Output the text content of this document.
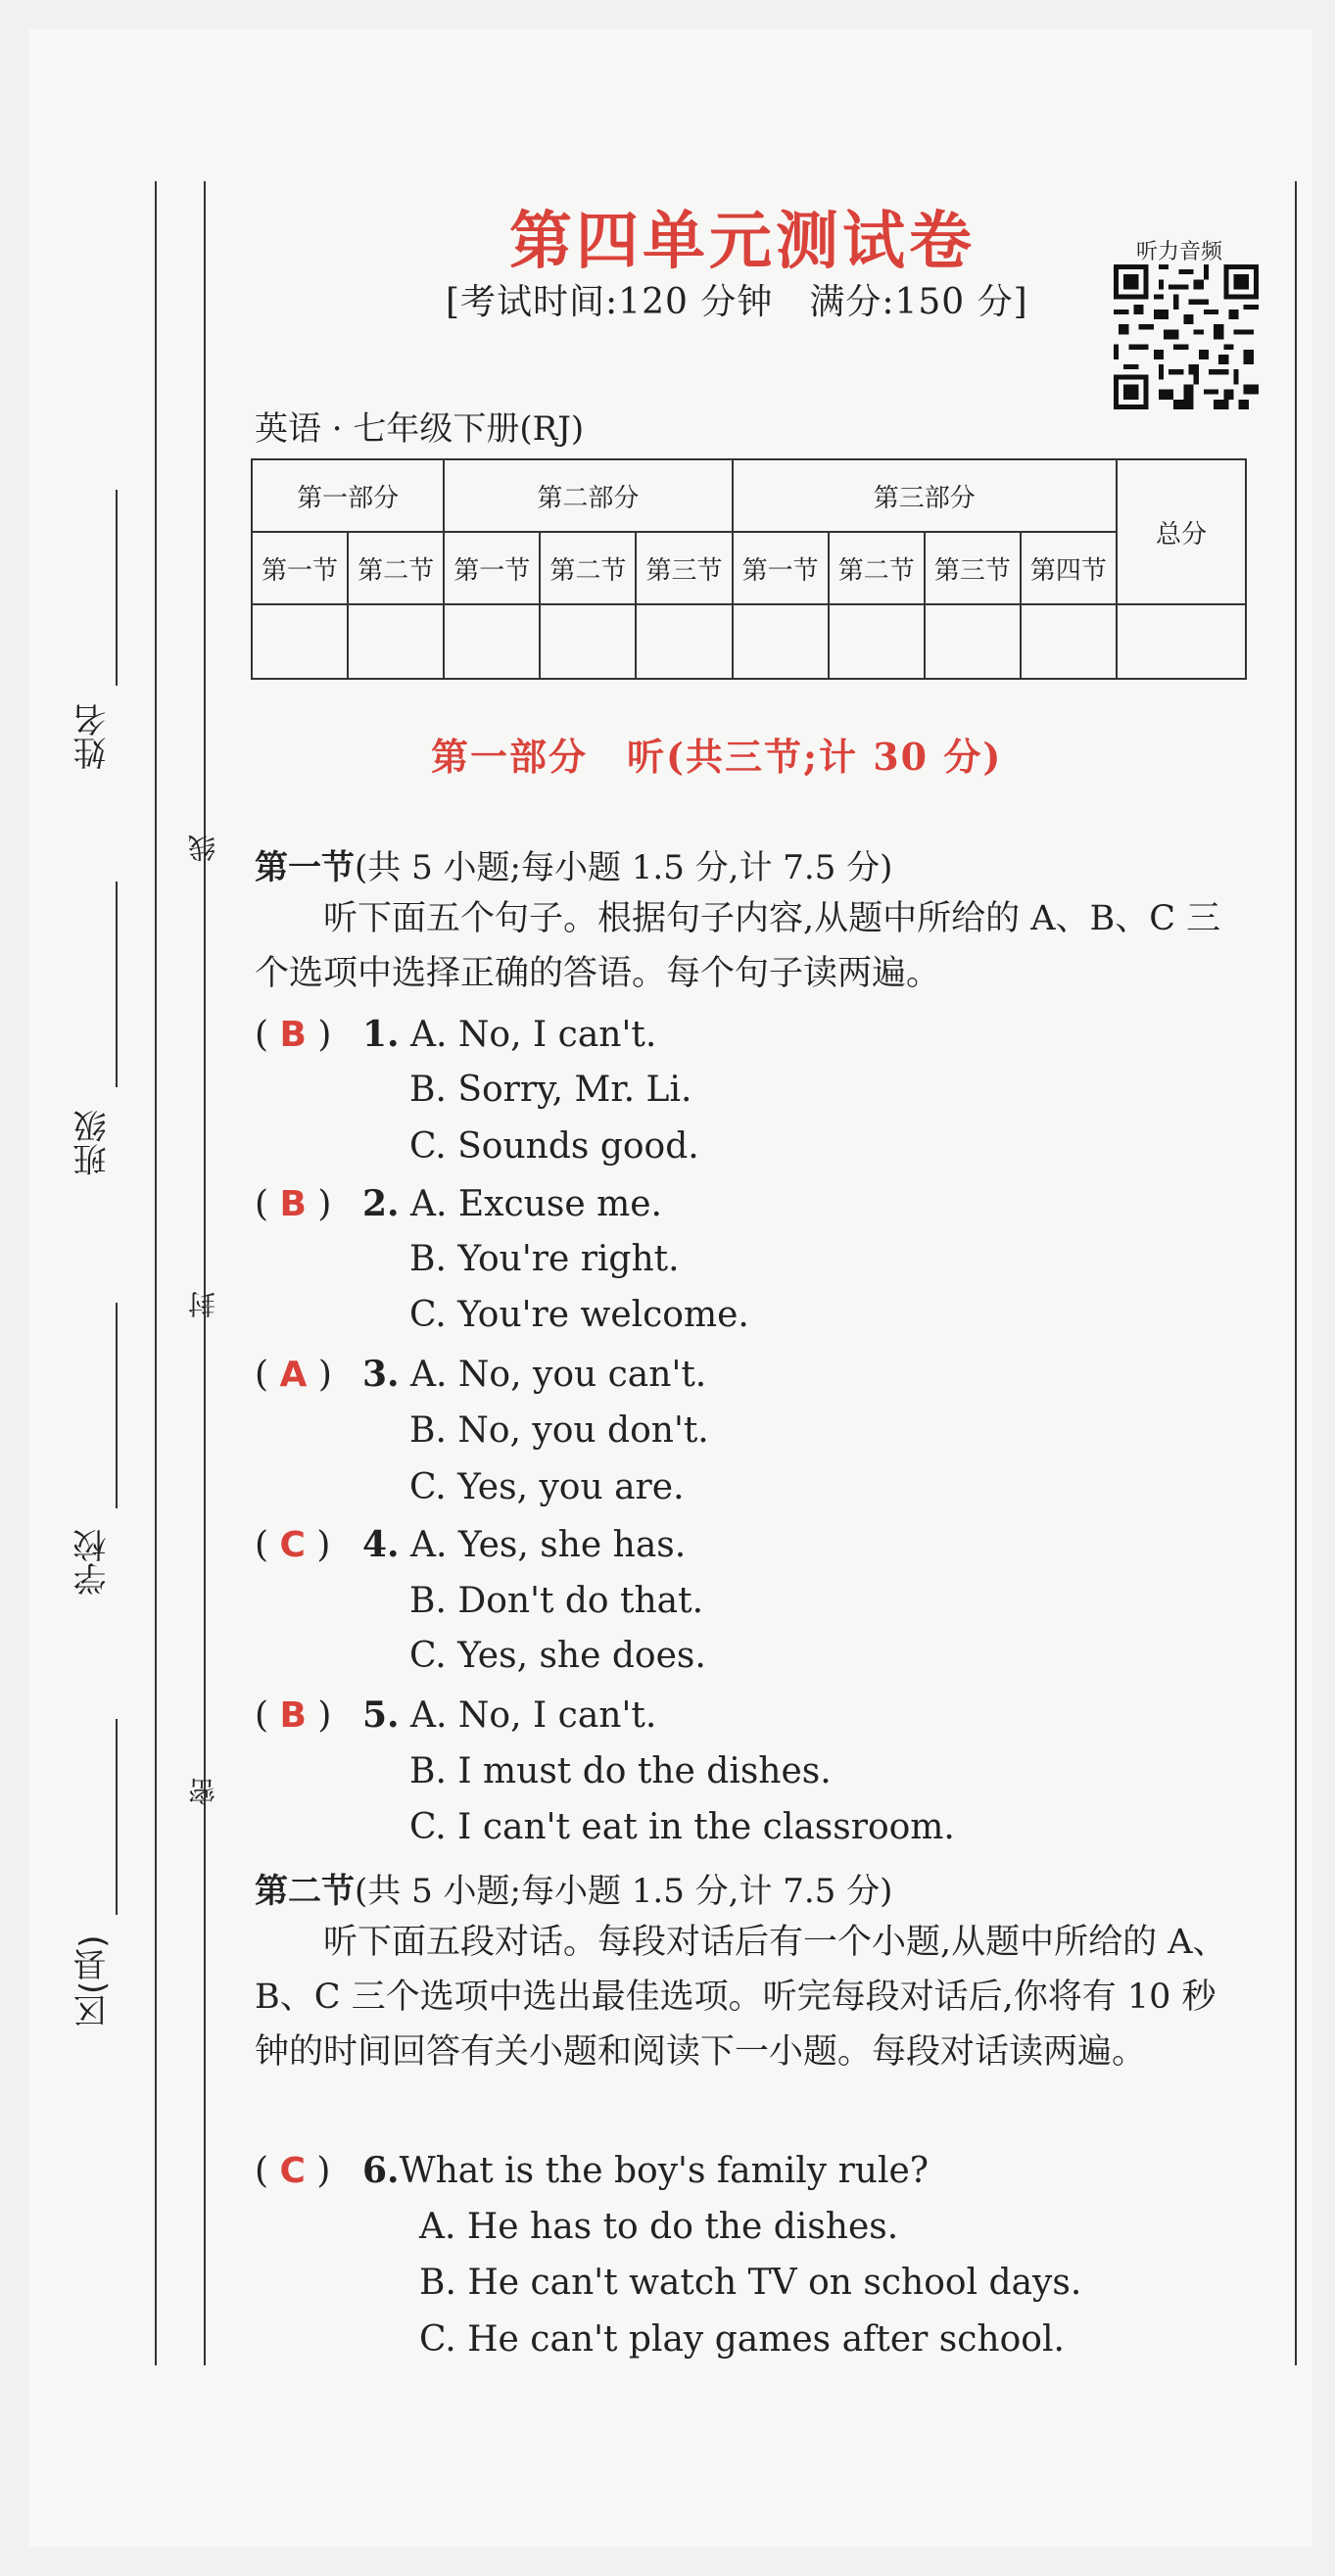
姓名
班级
学校
区(县)
线
封
密
第四单元测试卷
[考试时间:120 分钟　满分:150 分]
听力音频
英语 · 七年级下册(RJ)
第一部分		第二部分			第三部分				总分
第一节	第二节	第一节	第二节	第三节	第一节	第二节	第三节	第四节	

第一部分　听(共三节;计 30 分)
第一节(共 5 小题;每小题 1.5 分,计 7.5 分)
听下面五个句子。根据句子内容,从题中所给的 A、B、C 三个选项中选择正确的答语。每个句子读两遍。
( B ) 1. A. No, I can't.
B. Sorry, Mr. Li.
C. Sounds good.
( B ) 2. A. Excuse me.
B. You're right.
C. You're welcome.
( A ) 3. A. No, you can't.
B. No, you don't.
C. Yes, you are.
( C ) 4. A. Yes, she has.
B. Don't do that.
C. Yes, she does.
( B ) 5. A. No, I can't.
B. I must do the dishes.
C. I can't eat in the classroom.
第二节(共 5 小题;每小题 1.5 分,计 7.5 分)
听下面五段对话。每段对话后有一个小题,从题中所给的 A、B、C 三个选项中选出最佳选项。听完每段对话后,你将有 10 秒钟的时间回答有关小题和阅读下一小题。每段对话读两遍。
( C ) 6.What is the boy's family rule?
A. He has to do the dishes.
B. He can't watch TV on school days.
C. He can't play games after school.
